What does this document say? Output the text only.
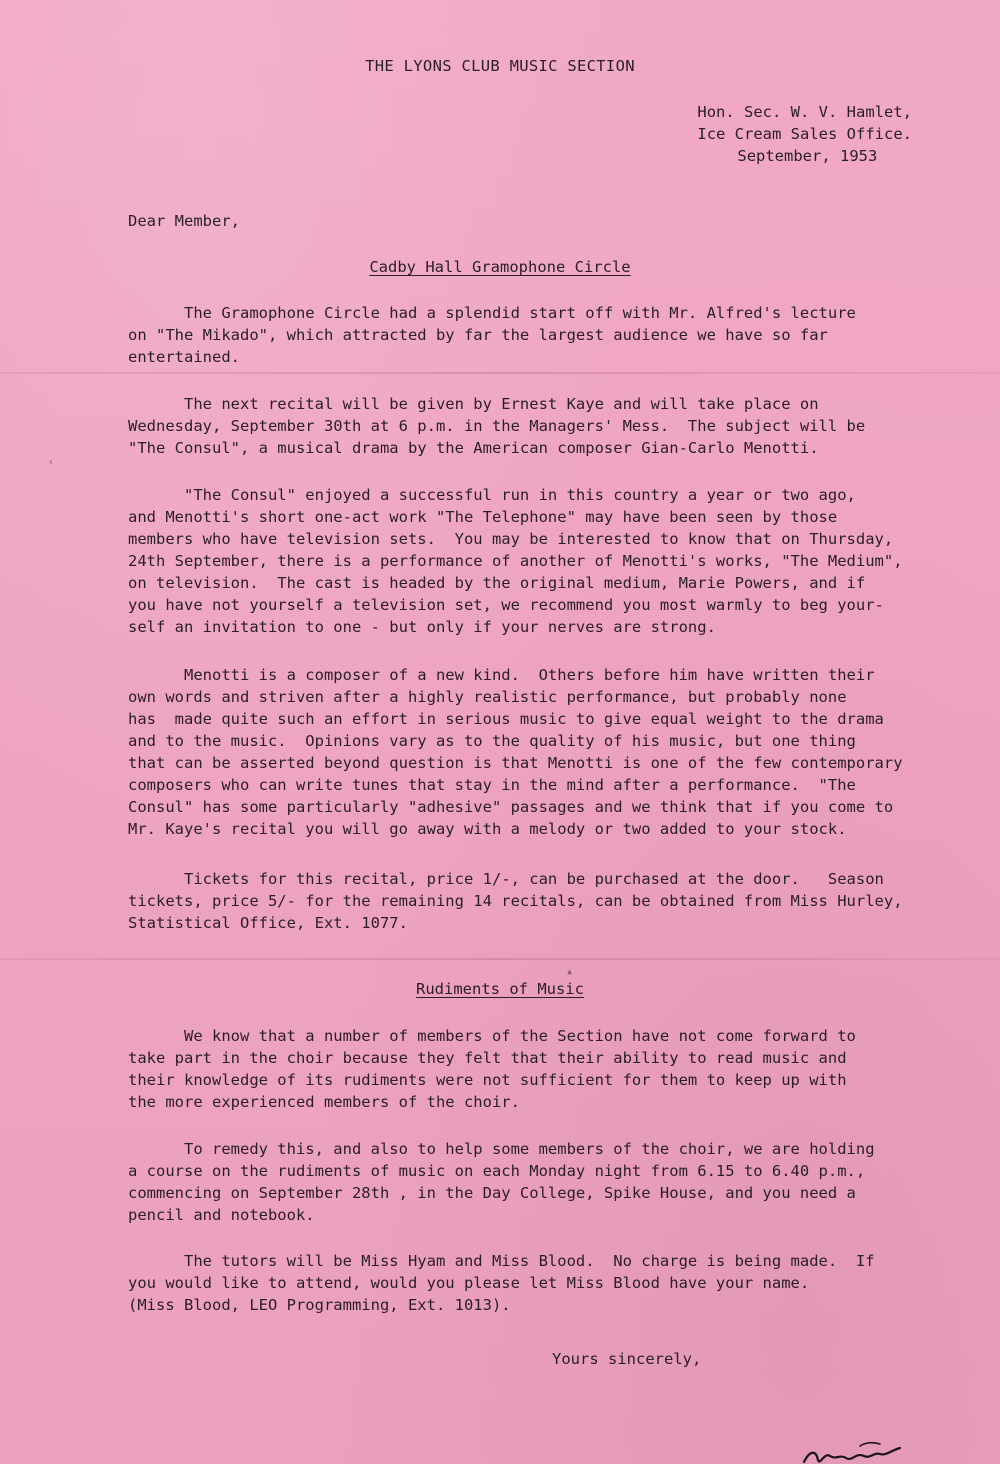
THE LYONS CLUB MUSIC SECTION
Hon. Sec. W. V. Hamlet,
Ice Cream Sales Office.
September, 1953
Dear Member,
Cadby Hall Gramophone Circle
The Gramophone Circle had a splendid start off with Mr. Alfred's lecture
on "The Mikado", which attracted by far the largest audience we have so far
entertained.
The next recital will be given by Ernest Kaye and will take place on
Wednesday, September 30th at 6 p.m. in the Managers' Mess.  The subject will be
"The Consul", a musical drama by the American composer Gian-Carlo Menotti.
"The Consul" enjoyed a successful run in this country a year or two ago,
and Menotti's short one-act work "The Telephone" may have been seen by those
members who have television sets.  You may be interested to know that on Thursday,
24th September, there is a performance of another of Menotti's works, "The Medium",
on television.  The cast is headed by the original medium, Marie Powers, and if
you have not yourself a television set, we recommend you most warmly to beg your-
self an invitation to one - but only if your nerves are strong.
Menotti is a composer of a new kind.  Others before him have written their
own words and striven after a highly realistic performance, but probably none
has  made quite such an effort in serious music to give equal weight to the drama
and to the music.  Opinions vary as to the quality of his music, but one thing
that can be asserted beyond question is that Menotti is one of the few contemporary
composers who can write tunes that stay in the mind after a performance.  "The
Consul" has some particularly "adhesive" passages and we think that if you come to
Mr. Kaye's recital you will go away with a melody or two added to your stock.
Tickets for this recital, price 1/-, can be purchased at the door.   Season
tickets, price 5/- for the remaining 14 recitals, can be obtained from Miss Hurley,
Statistical Office, Ext. 1077.
Rudiments of Music
We know that a number of members of the Section have not come forward to
take part in the choir because they felt that their ability to read music and
their knowledge of its rudiments were not sufficient for them to keep up with
the more experienced members of the choir.
To remedy this, and also to help some members of the choir, we are holding
a course on the rudiments of music on each Monday night from 6.15 to 6.40 p.m.,
commencing on September 28th , in the Day College, Spike House, and you need a
pencil and notebook.
The tutors will be Miss Hyam and Miss Blood.  No charge is being made.  If
you would like to attend, would you please let Miss Blood have your name.
(Miss Blood, LEO Programming, Ext. 1013).
Yours sincerely,
▴
‹
